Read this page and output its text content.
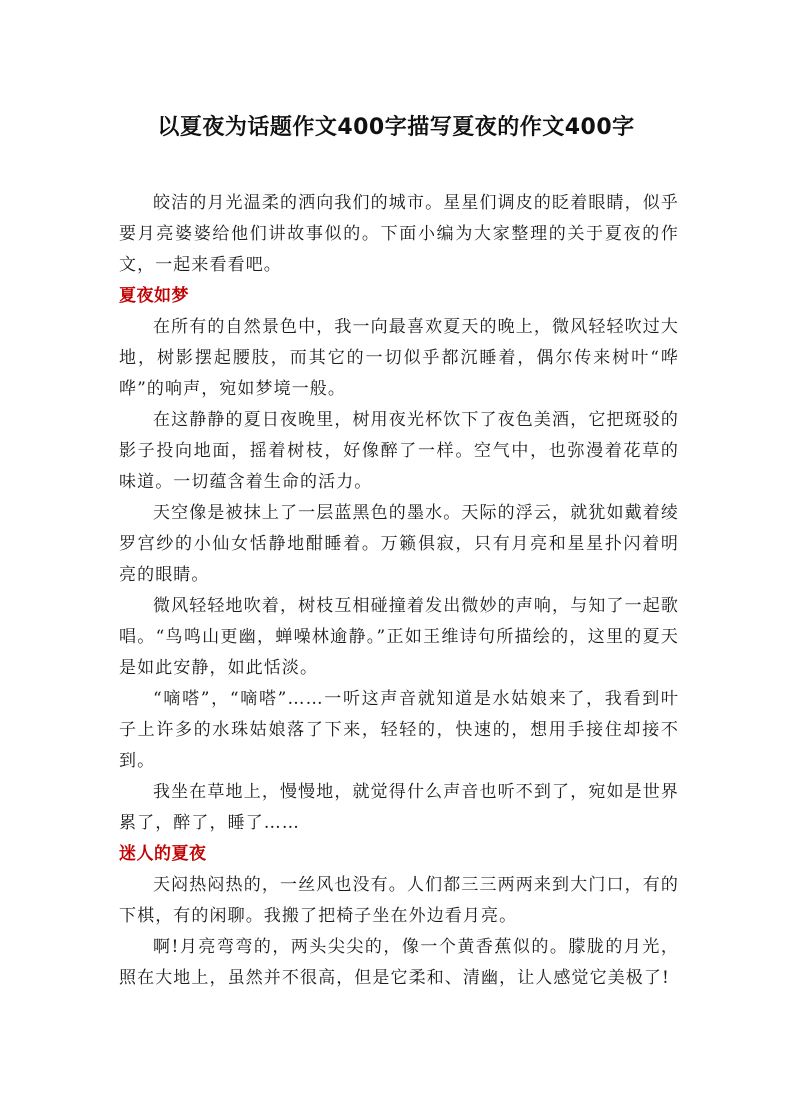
以夏夜为话题作文400字描写夏夜的作文400字

皎洁的月光温柔的洒向我们的城市。星星们调皮的眨着眼睛，似乎要月亮婆婆给他们讲故事似的。下面小编为大家整理的关于夏夜的作文，一起来看看吧。

夏夜如梦

在所有的自然景色中，我一向最喜欢夏天的晚上，微风轻轻吹过大地，树影摆起腰肢，而其它的一切似乎都沉睡着，偶尔传来树叶“哗哗”的响声，宛如梦境一般。

在这静静的夏日夜晚里，树用夜光杯饮下了夜色美酒，它把斑驳的影子投向地面，摇着树枝，好像醉了一样。空气中，也弥漫着花草的味道。一切蕴含着生命的活力。

天空像是被抹上了一层蓝黑色的墨水。天际的浮云，就犹如戴着绫罗宫纱的小仙女恬静地酣睡着。万籁俱寂，只有月亮和星星扑闪着明亮的眼睛。

微风轻轻地吹着，树枝互相碰撞着发出微妙的声响，与知了一起歌唱。“鸟鸣山更幽，蝉噪林逾静。”正如王维诗句所描绘的，这里的夏天是如此安静，如此恬淡。

“嘀嗒”，“嘀嗒”……一听这声音就知道是水姑娘来了，我看到叶子上许多的水珠姑娘落了下来，轻轻的，快速的，想用手接住却接不到。

我坐在草地上，慢慢地，就觉得什么声音也听不到了，宛如是世界累了，醉了，睡了……

迷人的夏夜

天闷热闷热的，一丝风也没有。人们都三三两两来到大门口，有的下棋，有的闲聊。我搬了把椅子坐在外边看月亮。

啊!月亮弯弯的，两头尖尖的，像一个黄香蕉似的。朦胧的月光，照在大地上，虽然并不很高，但是它柔和、清幽，让人感觉它美极了!
